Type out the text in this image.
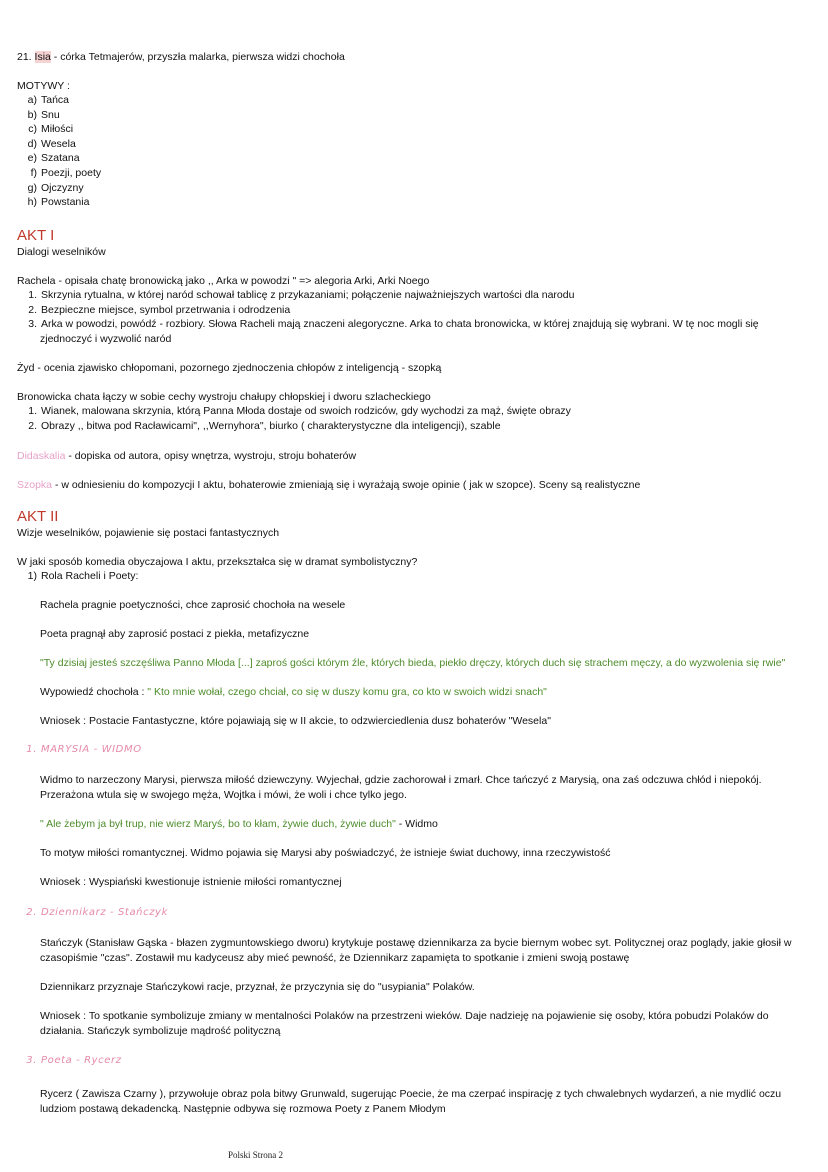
21. Isia - córka Tetmajerów, przyszła malarka, pierwsza widzi chochoła
MOTYWY :
a) Tańca
b) Snu
c) Miłości
d) Wesela
e) Szatana
f) Poezji, poety
g) Ojczyzny
h) Powstania
AKT I
Dialogi weselników
Rachela - opisała chatę bronowicką jako ,, Arka w powodzi " => alegoria Arki, Arki Noego
1. Skrzynia rytualna, w której naród schował tablicę z przykazaniami; połączenie najważniejszych wartości dla narodu
2. Bezpieczne miejsce, symbol przetrwania i odrodzenia
3. Arka w powodzi, powódź - rozbiory. Słowa Racheli mają znaczeni alegoryczne. Arka to chata bronowicka, w której znajdują się wybrani. W tę noc mogli się
zjednoczyć i wyzwolić naród
Żyd - ocenia zjawisko chłopomani, pozornego zjednoczenia chłopów z inteligencją - szopką
Bronowicka chata łączy w sobie cechy wystroju chałupy chłopskiej i dworu szlacheckiego
1. Wianek, malowana skrzynia, którą Panna Młoda dostaje od swoich rodziców, gdy wychodzi za mąż, święte obrazy
2. Obrazy ,, bitwa pod Racławicami", ,,Wernyhora", biurko ( charakterystyczne dla inteligencji), szable
Didaskalia - dopiska od autora, opisy wnętrza, wystroju, stroju bohaterów
Szopka - w odniesieniu do kompozycji I aktu, bohaterowie zmieniają się i wyrażają swoje opinie ( jak w szopce). Sceny są realistyczne
AKT II
Wizje weselników, pojawienie się postaci fantastycznych
W jaki sposób komedia obyczajowa I aktu, przekształca się w dramat symbolistyczny?
1) Rola Racheli i Poety:
Rachela pragnie poetyczności, chce zaprosić chochoła na wesele
Poeta pragnął aby zaprosić postaci z piekła, metafizyczne
"Ty dzisiaj jesteś szczęśliwa Panno Młoda [...] zaproś gości którym źle, których bieda, piekło dręczy, których duch się strachem męczy, a do wyzwolenia się rwie"
Wypowiedź chochoła : " Kto mnie wołał, czego chciał, co się w duszy komu gra, co kto w swoich widzi snach"
Wniosek : Postacie Fantastyczne, które pojawiają się w II akcie, to odzwierciedlenia dusz bohaterów "Wesela"
1. MARYSIA - WIDMO
Widmo to narzeczony Marysi, pierwsza miłość dziewczyny. Wyjechał, gdzie zachorował i zmarł. Chce tańczyć z Marysią, ona zaś odczuwa chłód i niepokój.
Przerażona wtula się w swojego męża, Wojtka i mówi, że woli i chce tylko jego.
" Ale żebym ja był trup, nie wierz Maryś, bo to kłam, żywie duch, żywie duch" - Widmo
To motyw miłości romantycznej. Widmo pojawia się Marysi aby poświadczyć, że istnieje świat duchowy, inna rzeczywistość
Wniosek : Wyspiański kwestionuje istnienie miłości romantycznej
2. Dziennikarz - Stańczyk
Stańczyk (Stanisław Gąska - błazen zygmuntowskiego dworu) krytykuje postawę dziennikarza za bycie biernym wobec syt. Politycznej oraz poglądy, jakie głosił w
czasopiśmie "czas". Zostawił mu kadyceusz aby mieć pewność, że Dziennikarz zapamięta to spotkanie i zmieni swoją postawę
Dziennikarz przyznaje Stańczykowi racje, przyznał, że przyczynia się do "usypiania" Polaków.
Wniosek : To spotkanie symbolizuje zmiany w mentalności Polaków na przestrzeni wieków. Daje nadzieję na pojawienie się osoby, która pobudzi Polaków do
działania. Stańczyk symbolizuje mądrość polityczną
3. Poeta - Rycerz
Rycerz ( Zawisza Czarny ), przywołuje obraz pola bitwy Grunwald, sugerując Poecie, że ma czerpać inspirację z tych chwalebnych wydarzeń, a nie mydlić oczu
ludziom postawą dekadencką. Następnie odbywa się rozmowa Poety z Panem Młodym
Polski Strona 2
